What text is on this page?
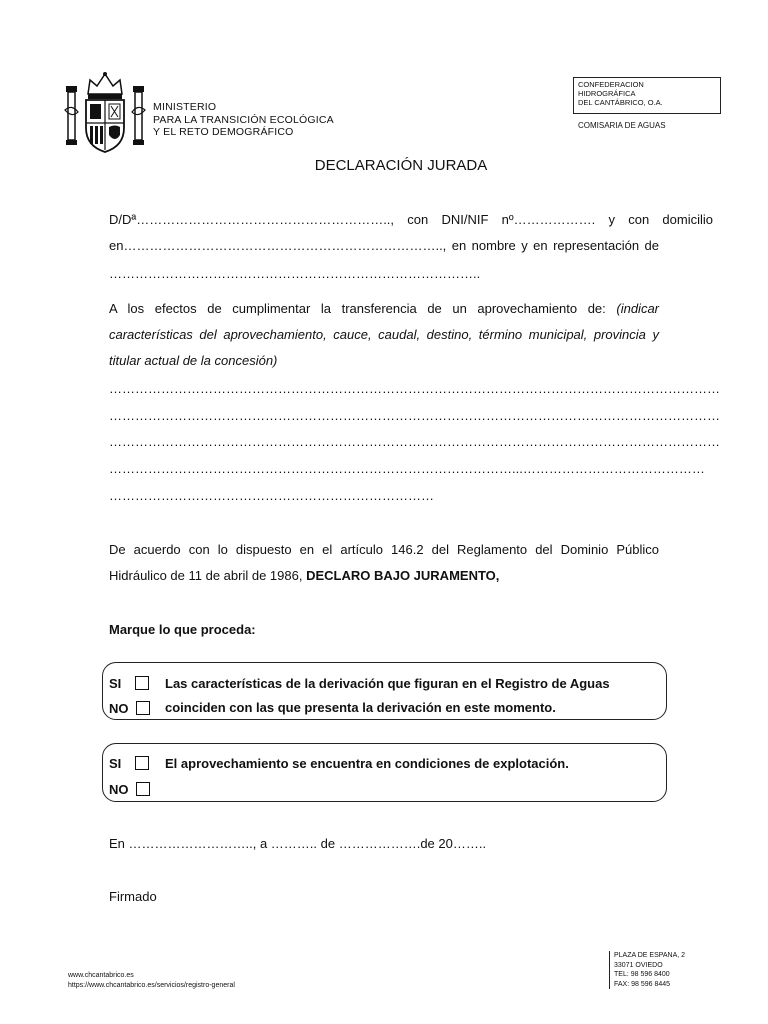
MINISTERIO
PARA LA TRANSICIÓN ECOLÓGICA
Y EL RETO DEMOGRÁFICO
CONFEDERACION
HIDROGRÁFICA
DEL CANTÁBRICO, O.A.
COMISARIA DE AGUAS
DECLARACIÓN JURADA
D/Dª………………………………………………….., con DNI/NIF nº………………. y con domicilio
en……………………………………………………………….., en nombre y en representación de
…………………………………………………………………………..
A los efectos de cumplimentar la transferencia de un aprovechamiento de: (indicar características del aprovechamiento, cauce, caudal, destino, término municipal, provincia y titular actual de la concesión)
……………………………………………………………………………………………………………………………
……………………………………………………………………………………………………………………………
……………………………………………………………………………………………………………………………
…………………………………………………………………………………...……………………………………
…………………………………………………………………
De acuerdo con lo dispuesto en el artículo 146.2 del Reglamento del Dominio Público Hidráulico de 11 de abril de 1986, DECLARO BAJO JURAMENTO,
Marque lo que proceda:
SI
NO
Las características de la derivación que figuran en el Registro de Aguas
coinciden con las que presenta la derivación en este momento.
SI
NO
El aprovechamiento se encuentra en condiciones de explotación.
En ……………………….., a ……….. de ……………….de 20……..
Firmado
www.chcantabrico.es
https://www.chcantabrico.es/servicios/registro-general
PLAZA DE ESPANA, 2
33071 OVIEDO
TEL: 98 596 8400
FAX: 98 596 8445
